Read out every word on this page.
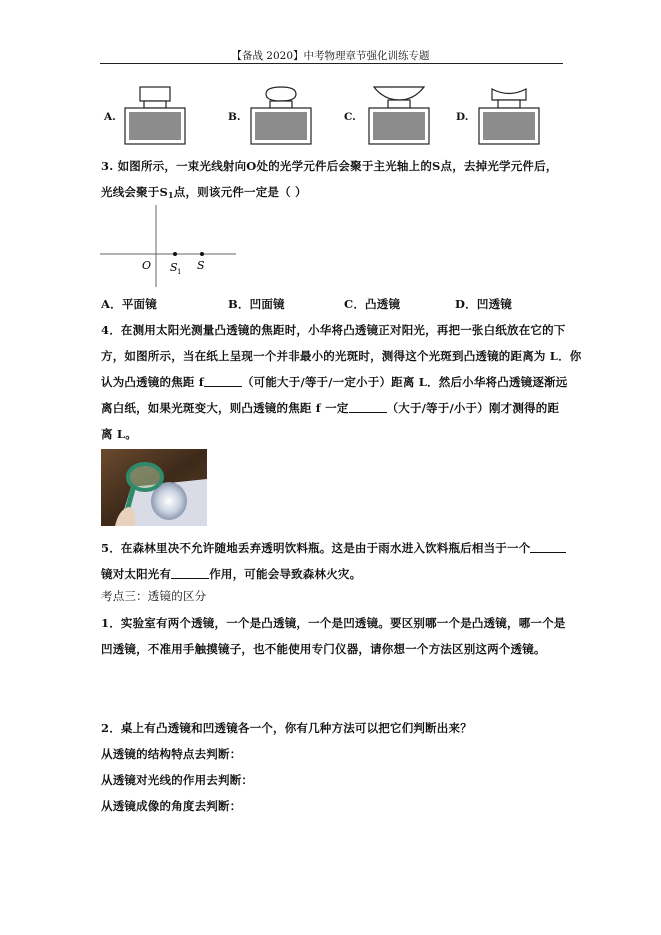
【备战 2020】中考物理章节强化训练专题
A.	B.	C.	D.
3. 如图所示，一束光线射向O处的光学元件后会聚于主光轴上的S点，去掉光学元件后，
光线会聚于$S_1$点，则该元件一定是（ ）
O S 1 S
A．平面镜	B．凹面镜	C．凸透镜	D．凹透镜
4．在测用太阳光测量凸透镜的焦距时，小华将凸透镜正对阳光，再把一张白纸放在它的下
方，如图所示，当在纸上呈现一个并非最小的光斑时，测得这个光斑到凸透镜的距离为 L．你
认为凸透镜的焦距 f	（可能大于/等于/一定小于）距离 L．然后小华将凸透镜逐渐远
离白纸，如果光斑变大，则凸透镜的焦距 f 一定	（大于/等于/小于）刚才测得的距
离 L。
5．在森林里决不允许随地丢弃透明饮料瓶。这是由于雨水进入饮料瓶后相当于一个
镜对太阳光有	作用，可能会导致森林火灾。
考点三：透镜的区分
1．实验室有两个透镜，一个是凸透镜，一个是凹透镜。要区别哪一个是凸透镜，哪一个是
凹透镜，不准用手触摸镜子，也不能使用专门仪器，请你想一个方法区别这两个透镜。
2．桌上有凸透镜和凹透镜各一个，你有几种方法可以把它们判断出来？
从透镜的结构特点去判断：
从透镜对光线的作用去判断：
从透镜成像的角度去判断：
